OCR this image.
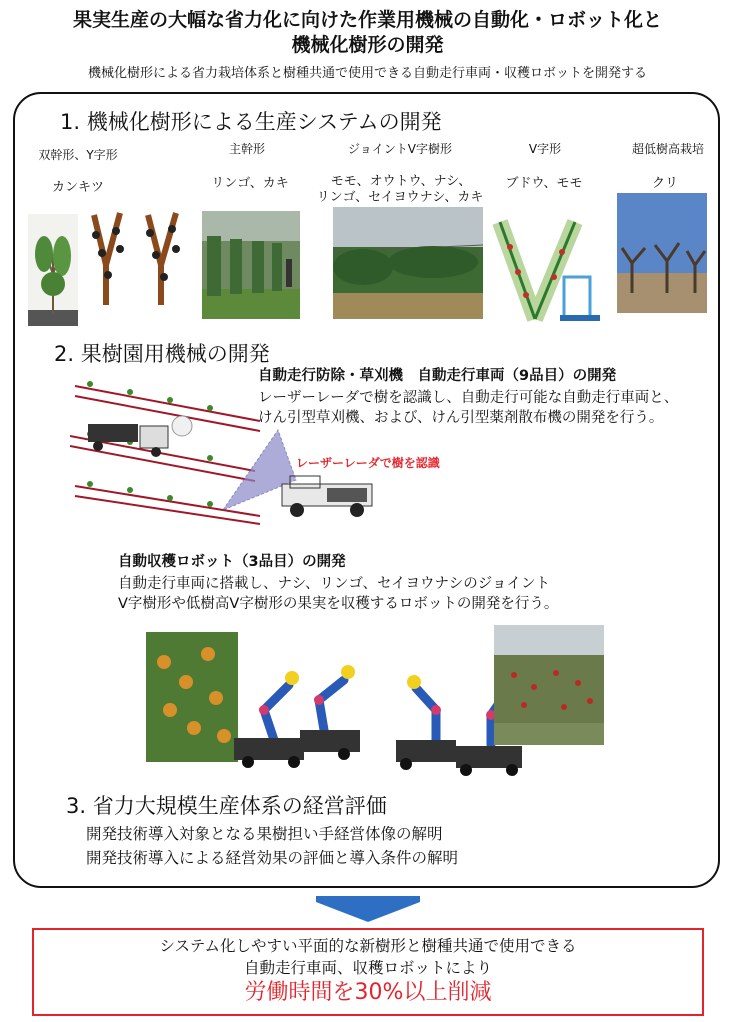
果実生産の大幅な省力化に向けた作業用機械の自動化・ロボット化と
機械化樹形の開発
機械化樹形による省力栽培体系と樹種共通で使用できる自動走行車両・収穫ロボットを開発する
1. 機械化樹形による生産システムの開発
双幹形、Y字形
カンキツ
主幹形
リンゴ、カキ
ジョイントV字樹形
モモ、オウトウ、ナシ、
リンゴ、セイヨウナシ、カキ
V字形
ブドウ、モモ
超低樹高栽培
クリ
2. 果樹園用機械の開発
自動走行防除・草刈機　自動走行車両（9品目）の開発
レーザーレーダで樹を認識し、自動走行可能な自動走行車両と、
けん引型草刈機、および、けん引型薬剤散布機の開発を行う。
レーザーレーダで樹を認識
自動収穫ロボット（3品目）の開発
自動走行車両に搭載し、ナシ、リンゴ、セイヨウナシのジョイント
V字樹形や低樹高V字樹形の果実を収穫するロボットの開発を行う。
3. 省力大規模生産体系の経営評価
開発技術導入対象となる果樹担い手経営体像の解明
開発技術導入による経営効果の評価と導入条件の解明
システム化しやすい平面的な新樹形と樹種共通で使用できる
自動走行車両、収穫ロボットにより
労働時間を30%以上削減
